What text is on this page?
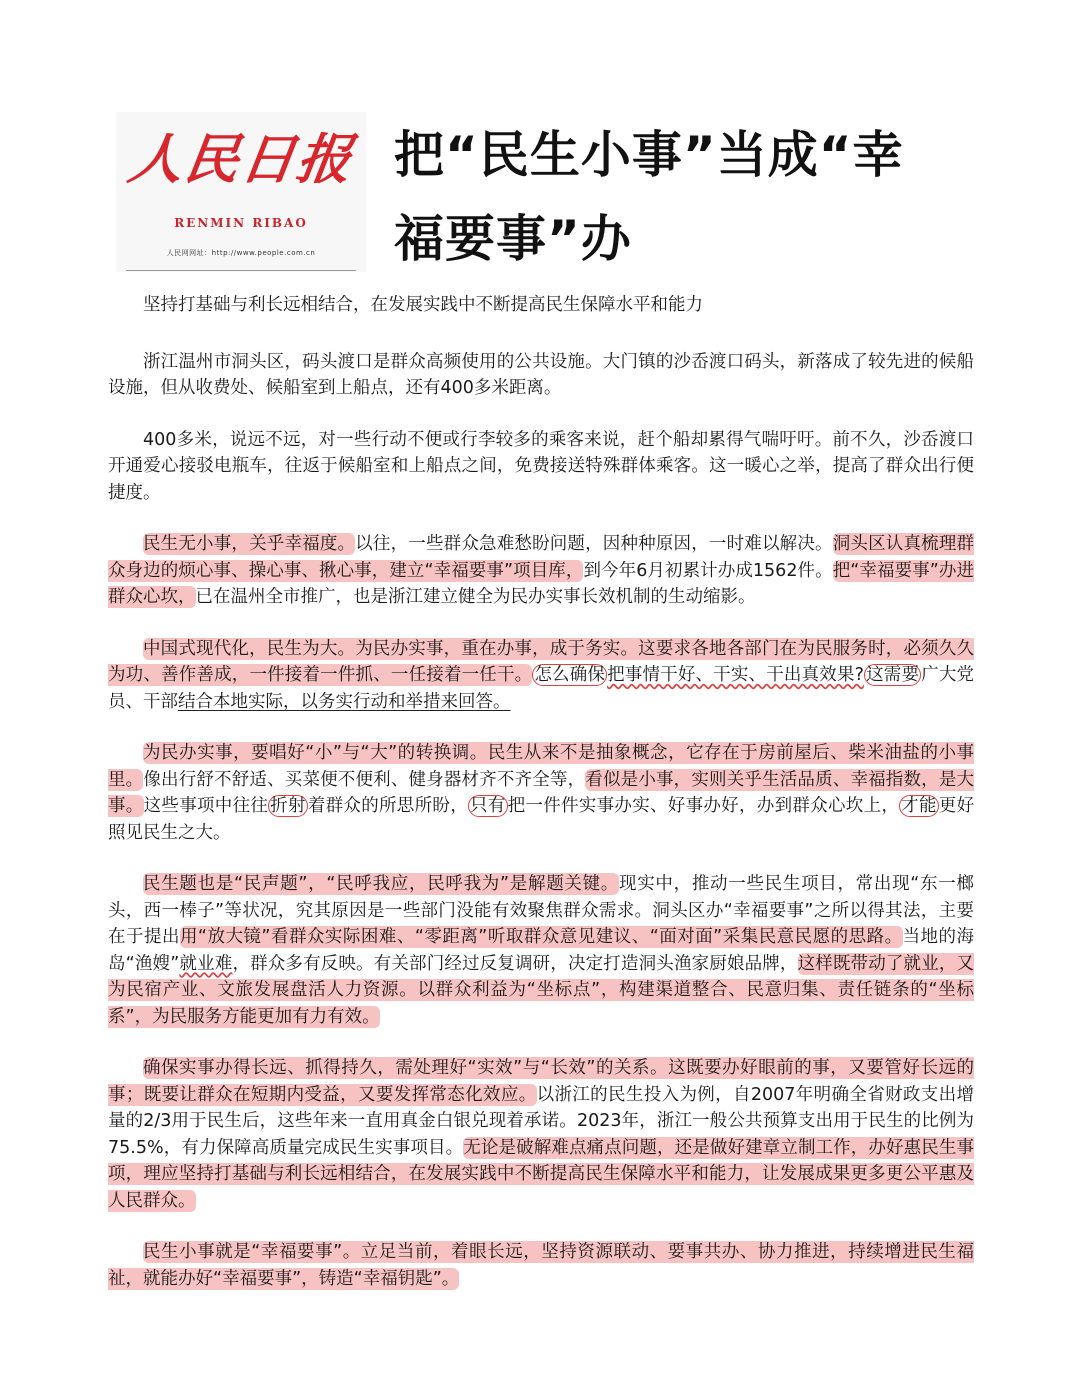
人民日报
RENMIN RIBAO
人民网网址：http://www.people.com.cn
把“民生小事”当成“幸福要事”办

坚持打基础与利长远相结合，在发展实践中不断提高民生保障水平和能力

浙江温州市洞头区，码头渡口是群众高频使用的公共设施。大门镇的沙岙渡口码头，新落成了较先进的候船设施，但从收费处、候船室到上船点，还有400多米距离。

400多米，说远不远，对一些行动不便或行李较多的乘客来说，赶个船却累得气喘吁吁。前不久，沙岙渡口开通爱心接驳电瓶车，往返于候船室和上船点之间，免费接送特殊群体乘客。这一暖心之举，提高了群众出行便捷度。

民生无小事，关乎幸福度。以往，一些群众急难愁盼问题，因种种原因，一时难以解决。洞头区认真梳理群众身边的烦心事、操心事、揪心事，建立“幸福要事”项目库，到今年6月初累计办成1562件。把“幸福要事”办进群众心坎，已在温州全市推广，也是浙江建立健全为民办实事长效机制的生动缩影。

中国式现代化，民生为大。为民办实事，重在办事，成于务实。这要求各地各部门在为民服务时，必须久久为功、善作善成，一件接着一件抓、一任接着一任干。 怎么确保 把事情干好、干实、干出真效果? 这需要 广大党员、干部结合本地实际，以务实行动和举措来回答。

为民办实事，要唱好“小”与“大”的转换调。民生从来不是抽象概念，它存在于房前屋后、柴米油盐的小事里。像出行舒不舒适、买菜便不便利、健身器材齐不齐全等，看似是小事，实则关乎生活品质、幸福指数，是大事。这些事项中往往 折射 着群众的所思所盼， 只有 把一件件实事办实、好事办好，办到群众心坎上， 才能 更好照见民生之大。

民生题也是“民声题”，“民呼我应，民呼我为”是解题关键。现实中，推动一些民生项目，常出现“东一榔头，西一棒子”等状况，究其原因是一些部门没能有效聚焦群众需求。洞头区办“幸福要事”之所以得其法，主要在于提出用“放大镜”看群众实际困难、“零距离”听取群众意见建议、“面对面”采集民意民愿的思路。当地的海岛“渔嫂”就业难，群众多有反映。有关部门经过反复调研，决定打造洞头渔家厨娘品牌，这样既带动了就业，又为民宿产业、文旅发展盘活人力资源。以群众利益为“坐标点”，构建渠道整合、民意归集、责任链条的“坐标系”，为民服务方能更加有力有效。

确保实事办得长远、抓得持久，需处理好“实效”与“长效”的关系。这既要办好眼前的事，又要管好长远的事；既要让群众在短期内受益，又要发挥常态化效应。以浙江的民生投入为例，自2007年明确全省财政支出增量的2/3用于民生后，这些年来一直用真金白银兑现着承诺。2023年，浙江一般公共预算支出用于民生的比例为75.5%，有力保障高质量完成民生实事项目。无论是破解难点痛点问题，还是做好建章立制工作，办好惠民生事项，理应坚持打基础与利长远相结合，在发展实践中不断提高民生保障水平和能力，让发展成果更多更公平惠及人民群众。

民生小事就是“幸福要事”。立足当前，着眼长远，坚持资源联动、要事共办、协力推进，持续增进民生福祉，就能办好“幸福要事”，铸造“幸福钥匙”。
